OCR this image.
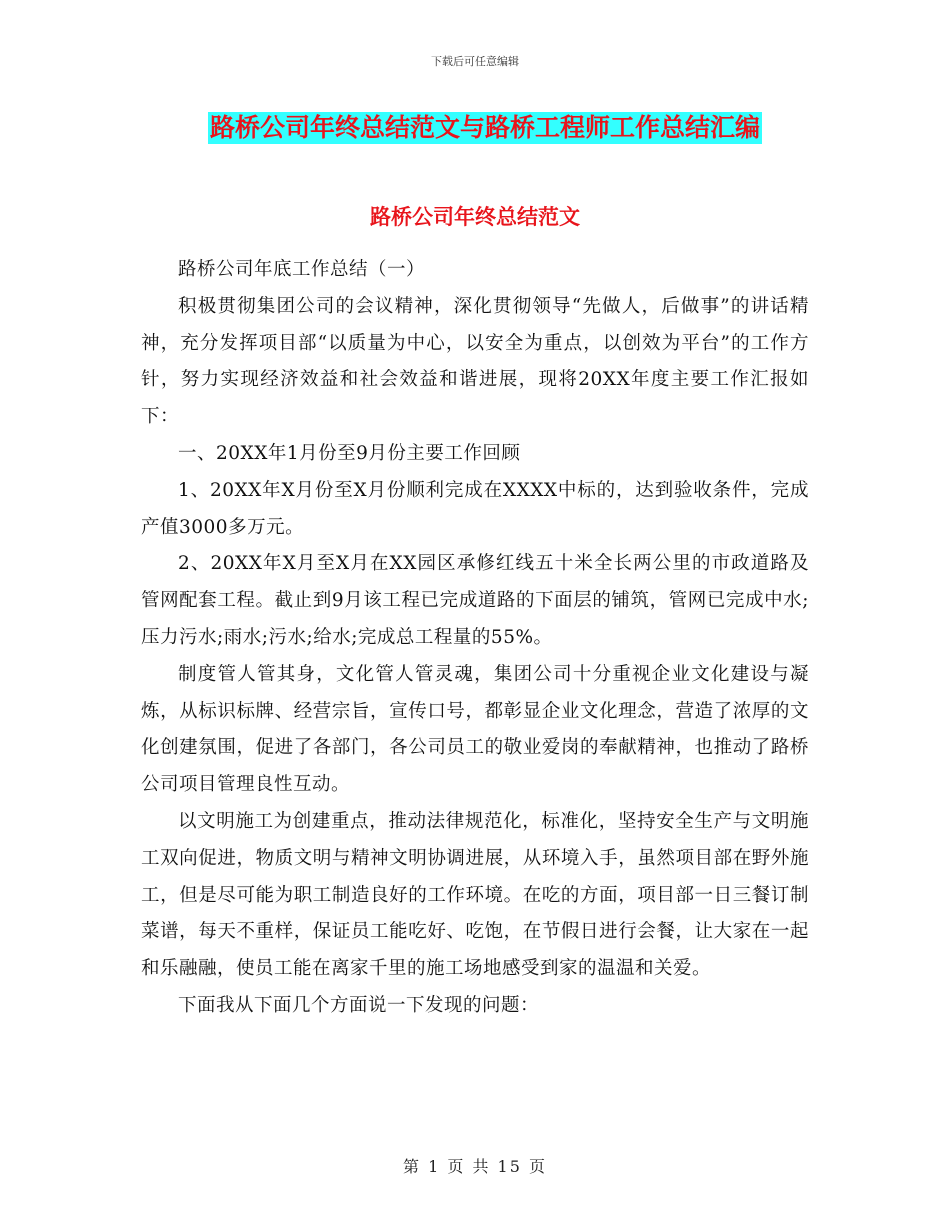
下载后可任意编辑
路桥公司年终总结范文与路桥工程师工作总结汇编
路桥公司年终总结范文

路桥公司年底工作总结（一）

积极贯彻集团公司的会议精神，深化贯彻领导“先做人，后做事”的讲话精神，充分发挥项目部“以质量为中心，以安全为重点，以创效为平台”的工作方针，努力实现经济效益和社会效益和谐进展，现将20XX年度主要工作汇报如下：

一、20XX年1月份至9月份主要工作回顾

1、20XX年X月份至X月份顺利完成在XXXX中标的，达到验收条件，完成产值3000多万元。

2、20XX年X月至X月在XX园区承修红线五十米全长两公里的市政道路及管网配套工程。截止到9月该工程已完成道路的下面层的铺筑，管网已完成中水;压力污水;雨水;污水;给水;完成总工程量的55%。

制度管人管其身，文化管人管灵魂，集团公司十分重视企业文化建设与凝炼，从标识标牌、经营宗旨，宣传口号，都彰显企业文化理念，营造了浓厚的文化创建氛围，促进了各部门，各公司员工的敬业爱岗的奉献精神，也推动了路桥公司项目管理良性互动。

以文明施工为创建重点，推动法律规范化，标准化，坚持安全生产与文明施工双向促进，物质文明与精神文明协调进展，从环境入手，虽然项目部在野外施工，但是尽可能为职工制造良好的工作环境。在吃的方面，项目部一日三餐订制菜谱，每天不重样，保证员工能吃好、吃饱，在节假日进行会餐，让大家在一起和乐融融，使员工能在离家千里的施工场地感受到家的温温和关爱。

下面我从下面几个方面说一下发现的问题：

第 1 页 共 15 页
